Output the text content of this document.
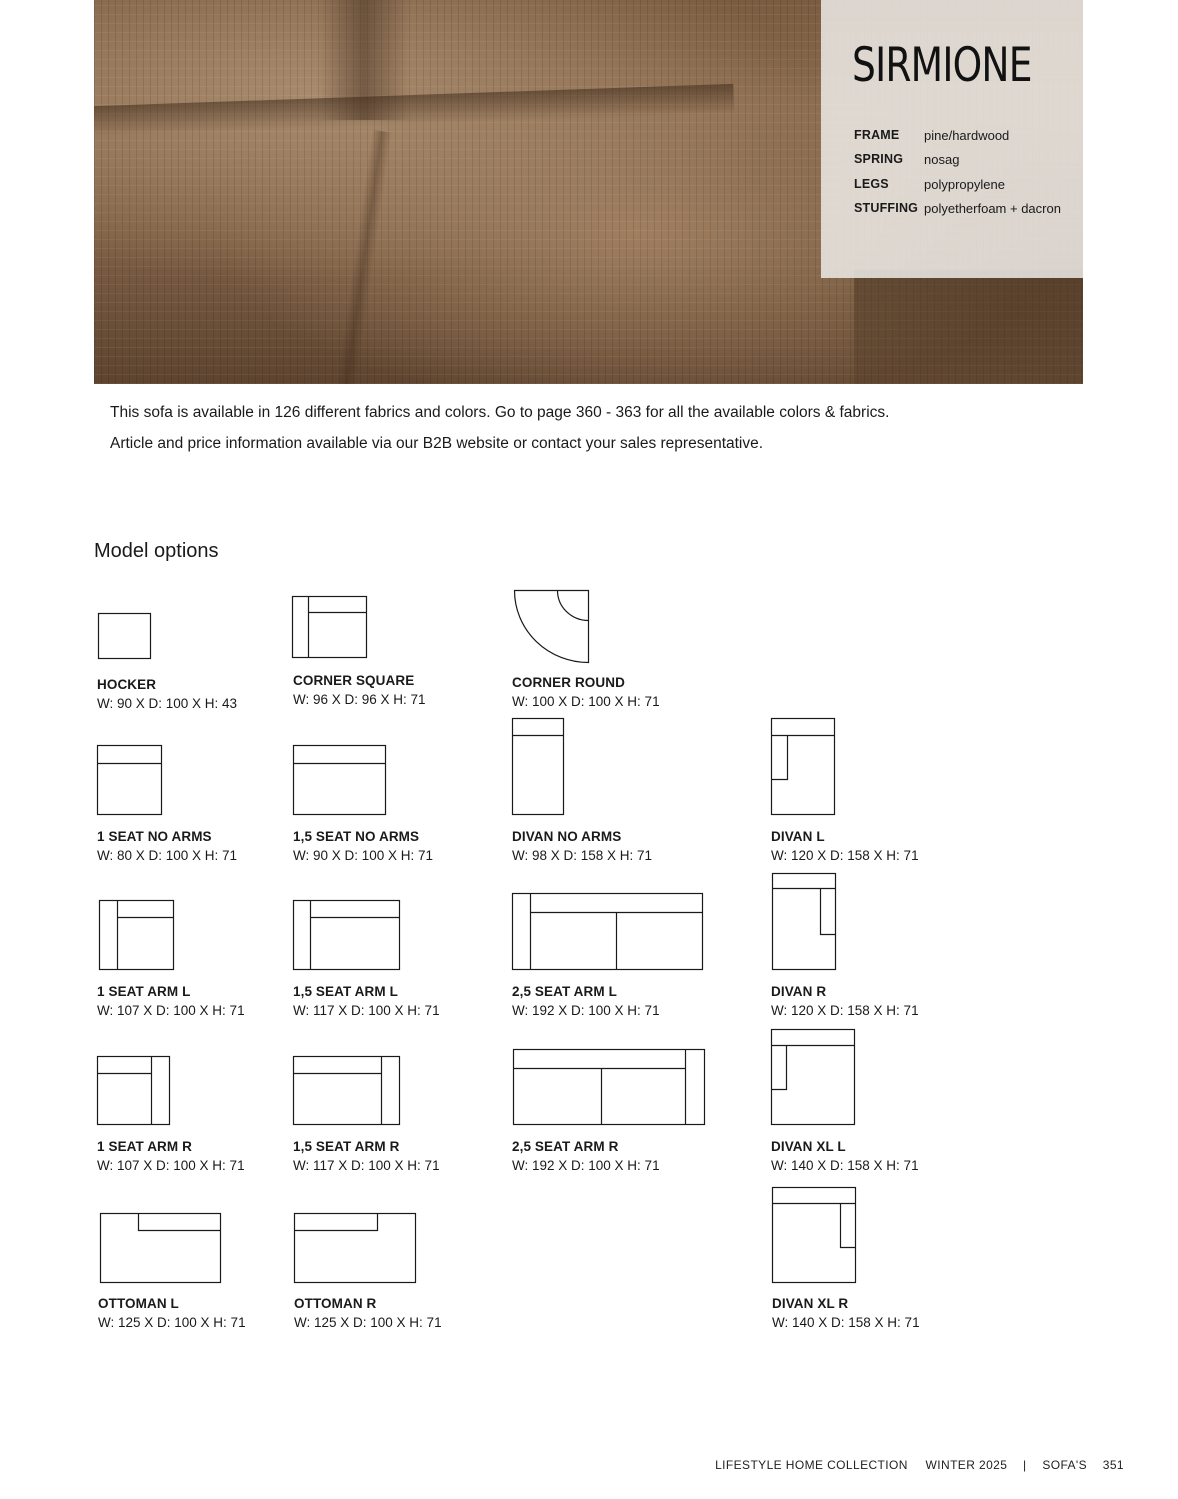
SIRMIONE
FRAME pine/hardwood
SPRING nosag
LEGS	polypropylene
STUFFING polyetherfoam + dacron
This sofa is available in 126 different fabrics and colors. Go to page 360 - 363 for all the available colors & fabrics.
Article and price information available via our B2B website or contact your sales representative.
Model options
HOCKER
W: 90 X D: 100 X H: 43
CORNER SQUARE
W: 96 X D: 96 X H: 71
CORNER ROUND
W: 100 X D: 100 X H: 71
1 SEAT NO ARMS
W: 80 X D: 100 X H: 71
1,5 SEAT NO ARMS
W: 90 X D: 100 X H: 71
DIVAN NO ARMS
W: 98 X D: 158 X H: 71
DIVAN L
W: 120 X D: 158 X H: 71
1 SEAT ARM L
W: 107 X D: 100 X H: 71
1,5 SEAT ARM L
W: 117 X D: 100 X H: 71
2,5 SEAT ARM L
W: 192 X D: 100 X H: 71
DIVAN R
W: 120 X D: 158 X H: 71
1 SEAT ARM R
W: 107 X D: 100 X H: 71
1,5 SEAT ARM R
W: 117 X D: 100 X H: 71
2,5 SEAT ARM R
W: 192 X D: 100 X H: 71
DIVAN XL L
W: 140 X D: 158 X H: 71
OTTOMAN L
W: 125 X D: 100 X H: 71
OTTOMAN R
W: 125 X D: 100 X H: 71
DIVAN XL R
W: 140 X D: 158 X H: 71
LIFESTYLE HOME COLLECTION WINTER 2025 | SOFA'S 351
